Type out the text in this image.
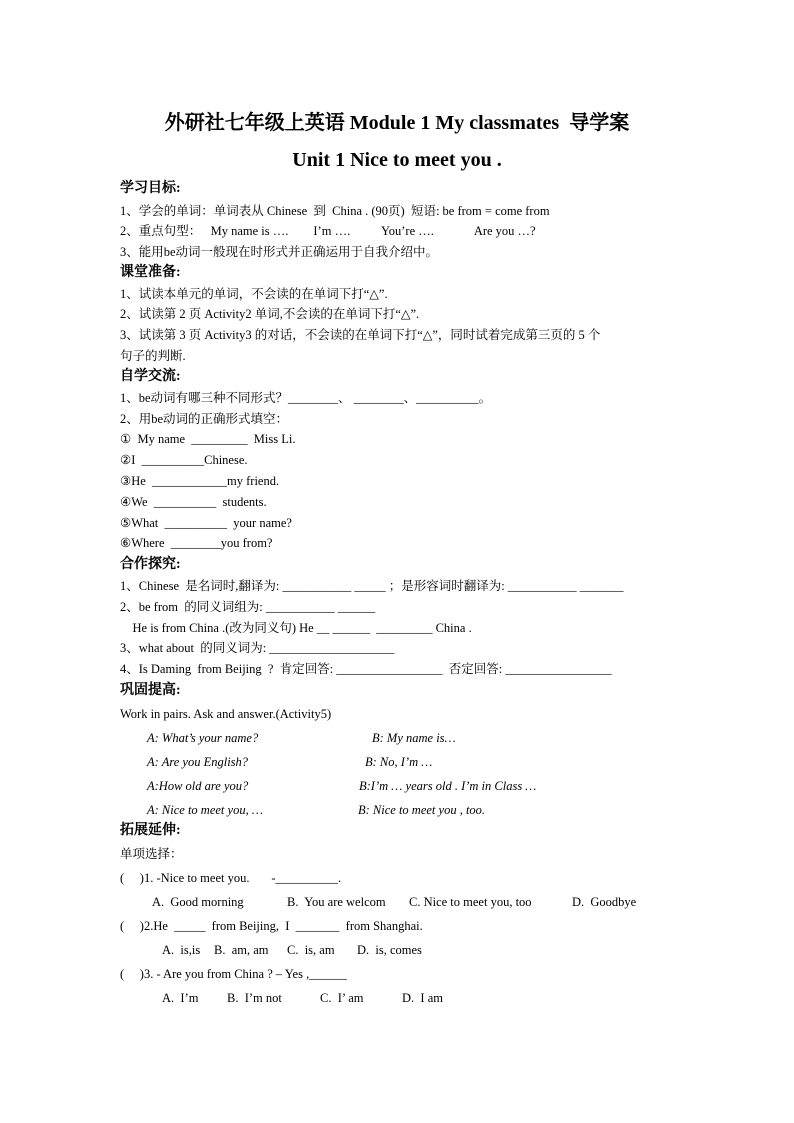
外研社七年级上英语 Module 1 My classmates  导学案
Unit 1 Nice to meet you .
学习目标:
1、学会的单词：单词表从 Chinese  到  China . (90页)  短语: be from = come from
2、重点句型：   My name is ….        I’m ….          You’re ….             Are you …?
3、能用be动词一般现在时形式并正确运用于自我介绍中。
课堂准备:
1、试读本单元的单词，不会读的在单词下打“△”.
2、试读第 2 页 Activity2 单词,不会读的在单词下打“△”.
3、试读第 3 页 Activity3 的对话，不会读的在单词下打“△”，同时试着完成第三页的 5 个
句子的判断.
自学交流:
1、be动词有哪三种不同形式？________、 ________、__________。
2、用be动词的正确形式填空：
①  My name  _________  Miss Li.
②I  __________Chinese.
③He  ____________my friend.
④We  __________  students.
⑤What  __________  your name?
⑥Where  ________you from?
合作探究:
1、Chinese  是名词时,翻译为: ___________ _____ ；是形容词时翻译为: ___________ _______
2、be from  的同义词组为: ___________ ______
He is from China .(改为同义句) He __ ______  _________ China .
3、what about  的同义词为: ____________________
4、Is Daming  from Beijing  ?  肯定回答: _________________  否定回答: _________________
巩固提高:
Work in pairs. Ask and answer.(Activity5)
A: What’s your name?	B: My name is…
A: Are you English?	B: No, I’m …
A:How old are you?	B:I’m … years old . I’m in Class …
A: Nice to meet you, …	B: Nice to meet you , too.
拓展延伸:
单项选择：
(     )1. -Nice to meet you.       -__________.
A.  Good morning	B.  You are welcom C. Nice to meet you, too	D.  Goodbye
(     )2.He  _____  from Beijing,  I  _______  from Shanghai.
A.  is,is B.  am, am C.  is, am D.  is, comes
(     )3. - Are you from China ? – Yes ,______
A.  I’m B.  I’m not	C.  I’ am	D.  I am
